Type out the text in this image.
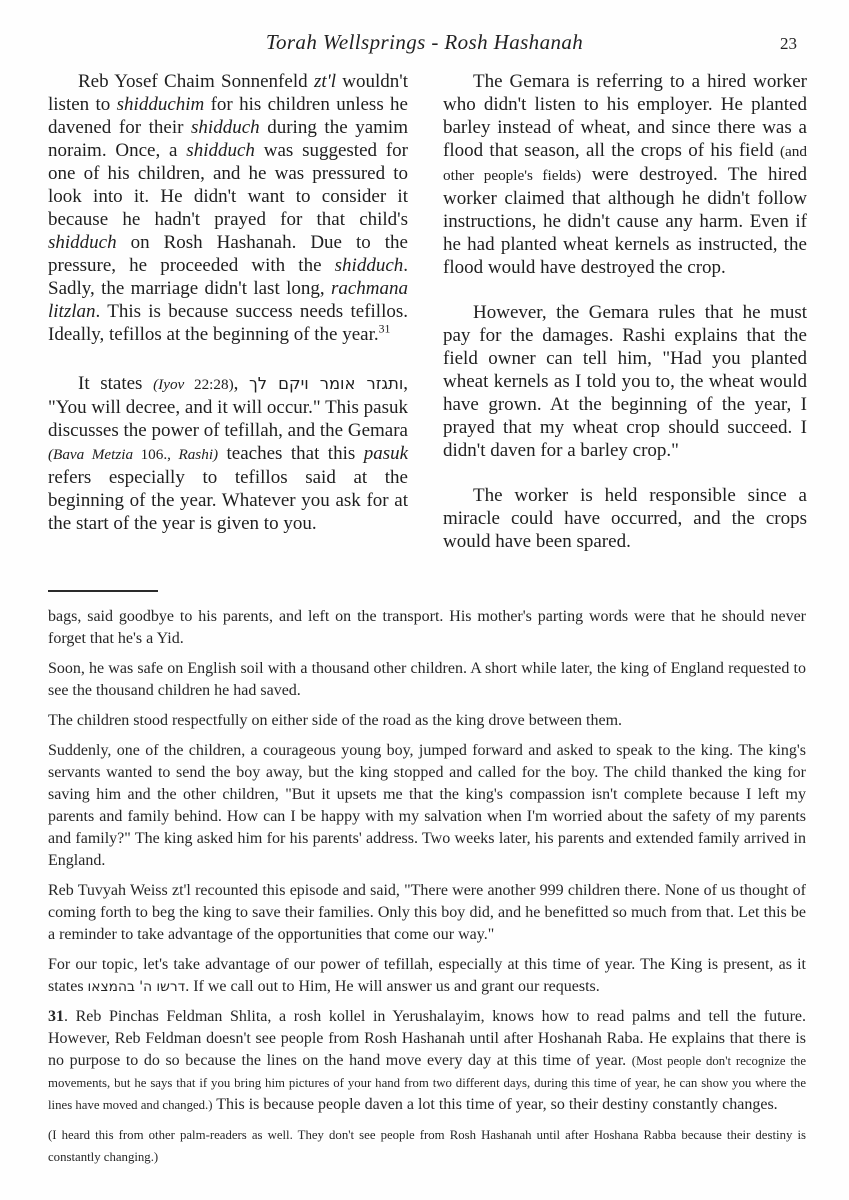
Torah Wellsprings - Rosh Hashanah	23

Reb Yosef Chaim Sonnenfeld zt'l wouldn't listen to shidduchim for his children unless he davened for their shidduch during the yamim noraim. Once, a shidduch was suggested for one of his children, and he was pressured to look into it. He didn't want to consider it because he hadn't prayed for that child's shidduch on Rosh Hashanah. Due to the pressure, he proceeded with the shidduch. Sadly, the marriage didn't last long, rachmana litzlan. This is because success needs tefillos. Ideally, tefillos at the beginning of the year.$^{31}$

It states (Iyov 22:28), ותגזר אומר ויקם לך, "You will decree, and it will occur." This pasuk discusses the power of tefillah, and the Gemara (Bava Metzia 106., Rashi) teaches that this pasuk refers especially to tefillos said at the beginning of the year. Whatever you ask for at the start of the year is given to you.

The Gemara is referring to a hired worker who didn't listen to his employer. He planted barley instead of wheat, and since there was a flood that season, all the crops of his field (and other people's fields) were destroyed. The hired worker claimed that although he didn't follow instructions, he didn't cause any harm. Even if he had planted wheat kernels as instructed, the flood would have destroyed the crop.

However, the Gemara rules that he must pay for the damages. Rashi explains that the field owner can tell him, "Had you planted wheat kernels as I told you to, the wheat would have grown. At the beginning of the year, I prayed that my wheat crop should succeed. I didn't daven for a barley crop."

The worker is held responsible since a miracle could have occurred, and the crops would have been spared.

bags, said goodbye to his parents, and left on the transport. His mother's parting words were that he should never forget that he's a Yid.

Soon, he was safe on English soil with a thousand other children. A short while later, the king of England requested to see the thousand children he had saved.

The children stood respectfully on either side of the road as the king drove between them.

Suddenly, one of the children, a courageous young boy, jumped forward and asked to speak to the king. The king's servants wanted to send the boy away, but the king stopped and called for the boy. The child thanked the king for saving him and the other children, "But it upsets me that the king's compassion isn't complete because I left my parents and family behind. How can I be happy with my salvation when I'm worried about the safety of my parents and family?" The king asked him for his parents' address. Two weeks later, his parents and extended family arrived in England.

Reb Tuvyah Weiss zt'l recounted this episode and said, "There were another 999 children there. None of us thought of coming forth to beg the king to save their families. Only this boy did, and he benefitted so much from that. Let this be a reminder to take advantage of the opportunities that come our way."

For our topic, let's take advantage of our power of tefillah, especially at this time of year. The King is present, as it states דרשו ה' בהמצאו. If we call out to Him, He will answer us and grant our requests.

31. Reb Pinchas Feldman Shlita, a rosh kollel in Yerushalayim, knows how to read palms and tell the future. However, Reb Feldman doesn't see people from Rosh Hashanah until after Hoshanah Raba. He explains that there is no purpose to do so because the lines on the hand move every day at this time of year. (Most people don't recognize the movements, but he says that if you bring him pictures of your hand from two different days, during this time of year, he can show you where the lines have moved and changed.) This is because people daven a lot this time of year, so their destiny constantly changes.

(I heard this from other palm-readers as well. They don't see people from Rosh Hashanah until after Hoshana Rabba because their destiny is constantly changing.)
